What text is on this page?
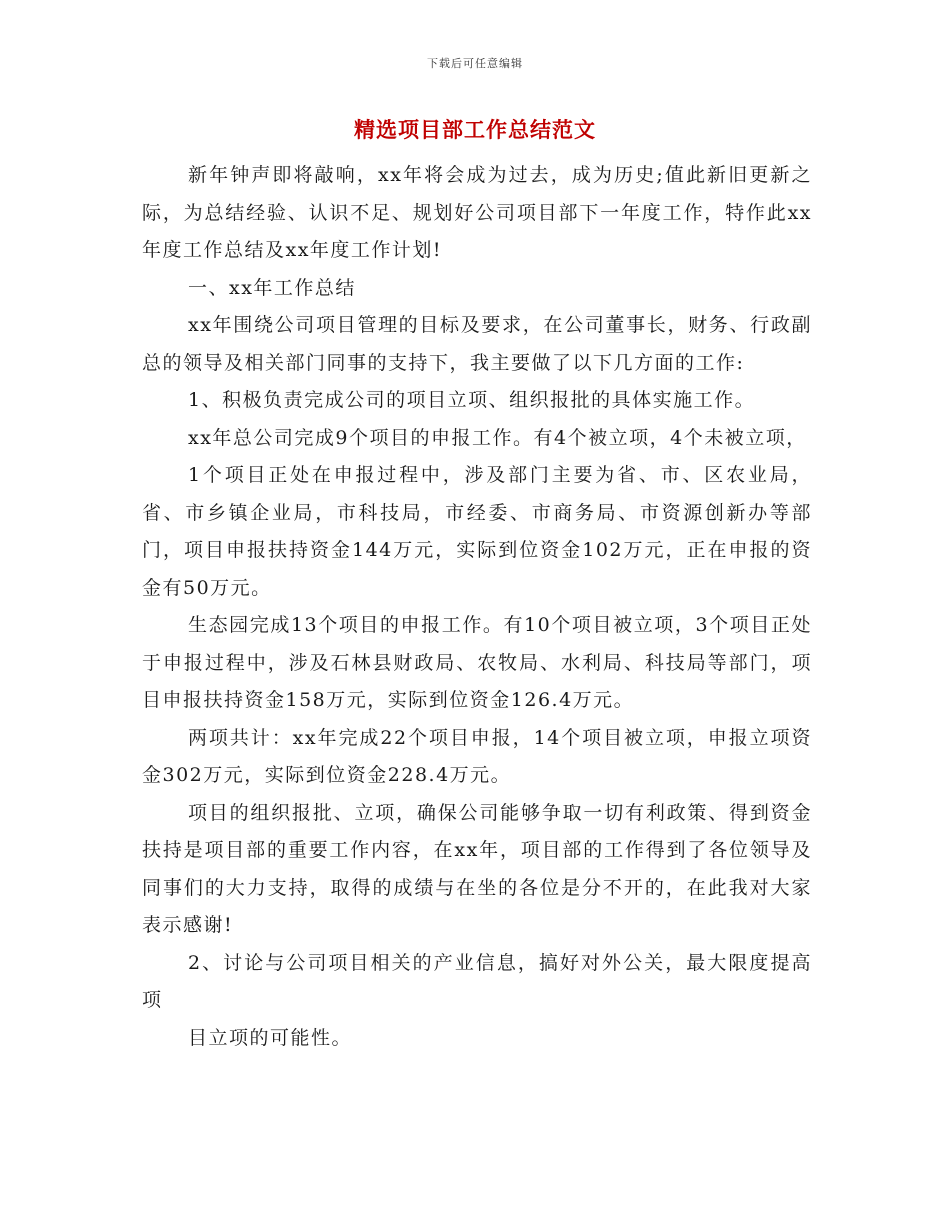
下载后可任意编辑
精选项目部工作总结范文

新年钟声即将敲响，xx年将会成为过去，成为历史;值此新旧更新之际，为总结经验、认识不足、规划好公司项目部下一年度工作，特作此xx年度工作总结及xx年度工作计划!

一、xx年工作总结

xx年围绕公司项目管理的目标及要求，在公司董事长，财务、行政副总的领导及相关部门同事的支持下，我主要做了以下几方面的工作:

1、积极负责完成公司的项目立项、组织报批的具体实施工作。

xx年总公司完成9个项目的申报工作。有4个被立项，4个未被立项，

1个项目正处在申报过程中，涉及部门主要为省、市、区农业局，省、市乡镇企业局，市科技局，市经委、市商务局、市资源创新办等部门，项目申报扶持资金144万元，实际到位资金102万元，正在申报的资金有50万元。

生态园完成13个项目的申报工作。有10个项目被立项，3个项目正处于申报过程中，涉及石林县财政局、农牧局、水利局、科技局等部门，项目申报扶持资金158万元，实际到位资金126.4万元。

两项共计：xx年完成22个项目申报，14个项目被立项，申报立项资金302万元，实际到位资金228.4万元。

项目的组织报批、立项，确保公司能够争取一切有利政策、得到资金扶持是项目部的重要工作内容，在xx年，项目部的工作得到了各位领导及同事们的大力支持，取得的成绩与在坐的各位是分不开的，在此我对大家表示感谢!

2、讨论与公司项目相关的产业信息，搞好对外公关，最大限度提高项

目立项的可能性。
